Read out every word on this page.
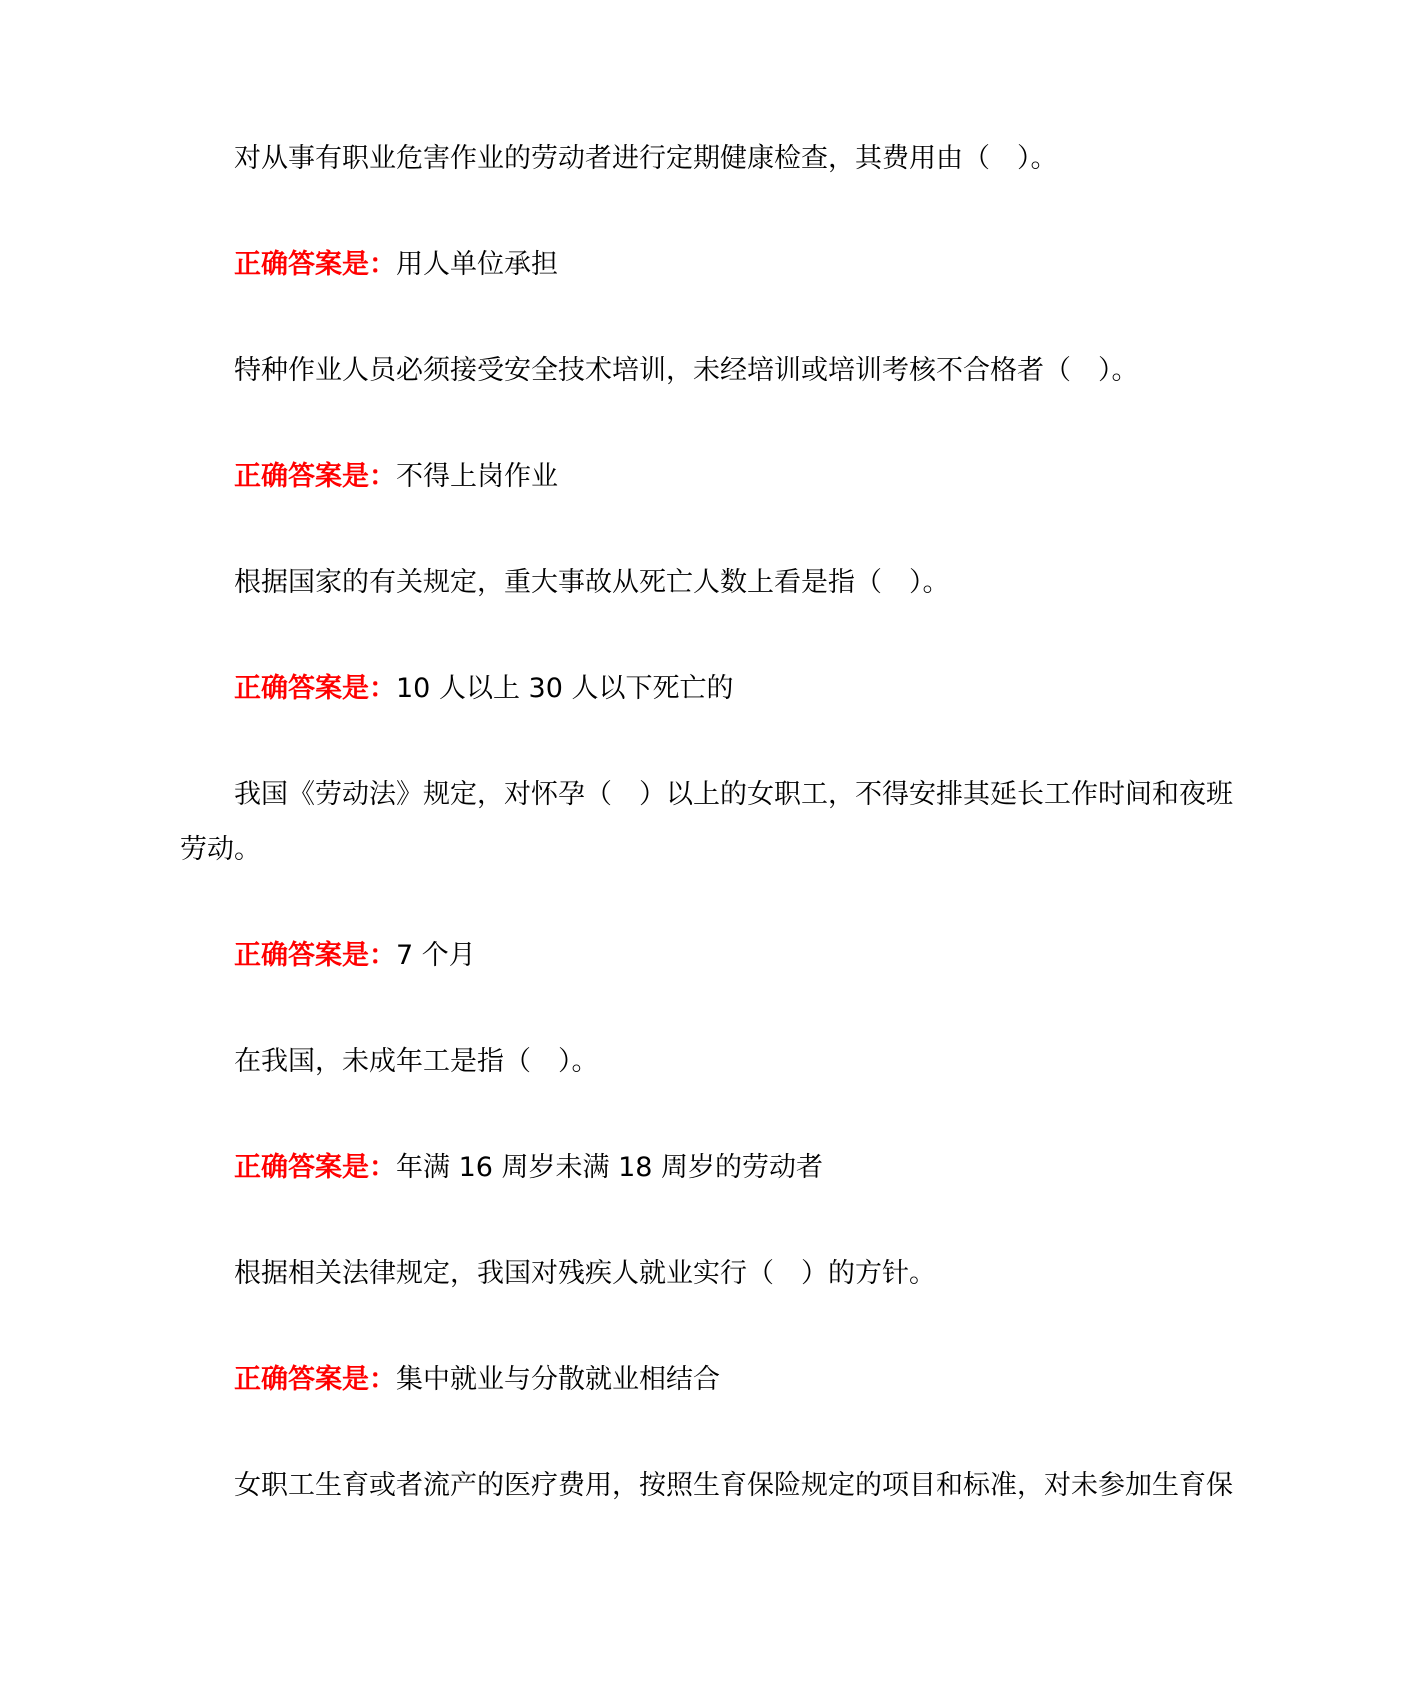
对从事有职业危害作业的劳动者进行定期健康检查，其费用由（　）。
正确答案是：用人单位承担
特种作业人员必须接受安全技术培训，未经培训或培训考核不合格者（　）。
正确答案是：不得上岗作业
根据国家的有关规定，重大事故从死亡人数上看是指（　）。
正确答案是：10 人以上 30 人以下死亡的
我国《劳动法》规定，对怀孕（　）以上的女职工，不得安排其延长工作时间和夜班劳动。
正确答案是：7 个月
在我国，未成年工是指（　）。
正确答案是：年满 16 周岁未满 18 周岁的劳动者
根据相关法律规定，我国对残疾人就业实行（　）的方针。
正确答案是：集中就业与分散就业相结合
女职工生育或者流产的医疗费用，按照生育保险规定的项目和标准，对未参加生育保
